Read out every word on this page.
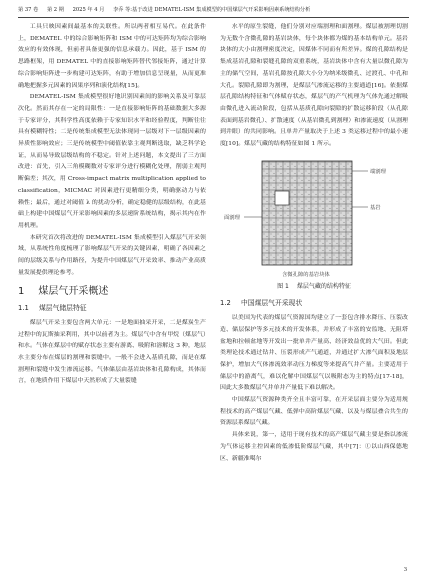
第 37 卷 第 2 期 2025 年 4 月 李乔 等:基于改进 DEMATEL-ISM 集成模型的中国煤层气开采影响因素系统结构分析

工具只映因素间最基本的关联性。所以两者相互易代。在此条件上，DEMATEL 中的综合影响矩阵和 ISM 中的可达矩阵均为综合影响效应的有效体现，但前者具备更强的信息承载力。因此，基于 ISM 的思路框架，用 DEMATEL 中的直接影响矩阵替代邻接矩阵，通过计算综合影响矩阵进一步构建可达矩阵，有助于增加信息呈现量，从而更准确地把握多元因素的因果序列和演化结构[15]。

DEMATEL-ISM 集成模型很好地识别因素间的影响关系及可靠层次化。然而其存在一定的局限性：一是直接影响矩阵的基础数据大多源于专家评分，其科学性高度依赖于专家知识水平和经验程度，判断往往具有模糊特性；二是传统集成模型无法体现同一层级对下一层级因素的异质性影响效应；三是传统模型中阈值依靠主观判断选取，缺乏科学论证，从而易导致层级结构的不稳定。针对上述问题，本文提出了三方面改进：首先，引入三角模糊数对专家评分进行模糊化处理，削弱主观判断偏差；其次，用 Cross-impact matrix multiplication applied to classification，MICMAC 对因素进行更精细分类，明确驱动力与依赖性；最后，通过对阈值 λ 的扰动分析，确定稳健的层级结构，在此基础上构建中国煤层气开采影响因素的多层递阶系统结构，揭示其内在作用机理。

本研究首次将改进的 DEMATEL-ISM 集成模型引入煤层气开采领域，从系统性角度梳理了影响煤层气开采的关键因素，明确了各因素之间的层级关系与作用路径，为提升中国煤层气开采效率、推动产业高质量发展提供理论参考。

1 煤层气开采概述
1.1 煤层气储层特征

煤层气开采主要包含两大单元：一是地面抽采开采，二是煤炭生产过程中的瓦斯抽采利用，其中以前者为主。煤层气中含有甲烷（煤层气）和水。气体在煤层中的赋存状态主要有游离、吸附和溶解这 3 种，地层水主要分布在煤层的割理和裂缝中。一般不会进入基质孔隙，而是在煤割理和裂缝中发生渗流运移。气体储层由基岩块体和孔隙构成，其体而言，在地质作用下煤层中天然形成了大量裂缝

水平的原生裂缝，他们分别对应端割理和面割理。煤层被割理切割为无数个含微孔隙的基岩块体，每个块体都为煤的基本结构单元。基岩块体的大小由割理密度决定，因煤体不同而有所差异。煤的孔隙结构是集成基岩孔隙和裂缝孔隙的双重系统，基岩块体中含有大量以微孔隙为主的储气空间，基岩孔隙按孔隙大小分为纳米级微孔、过渡孔、中孔和大孔。裂隙孔隙即为割理，是煤层气渗流运移的主要通道[16]。依据煤层孔隙结构特征和气体赋存状态，煤层气的产气机理为气体先通过解吸由微孔进入流动阶段，包括从基质孔隙向裂隙的扩散运移阶段（从孔隙表面到基岩微孔）、扩散速度（从基岩微孔到割理）和渗流速度（从割理到井眼）的共同影响。且单井产量取决于上述 3 类运移过程中的最小速度[10]。煤层气藏的结构特征如图 1 所示。

端割理
基岩
面割理
含微孔隙的基岩块体
图 1 煤层气藏的结构特征
1.2 中国煤层气开采现状

以美国为代表的煤层气资源国均建立了一套包含排水降压、压裂改造、储层保护等多元技术的开发体系，并形成了丰富的安监地、无阻塔盆地和拉顿盆地等开发出一批单井产量高、经济效益优的大气田。但此类理论技术通过钻井、压裂形成产气通道，并通过扩大渗气面积及地层保护，增加大气体渗流效率动压力梯度等来提高气井产量。主要适用于储层中的游离气，难以化解中国煤层气以吸附态为主的特点[17-18]，因此大多数煤层气井单井产量低下难以解决。

中国煤层气资源种类齐全且丰富可靠，在开采层面主要分为适用规程技术的高产煤层气藏、低弹中高阶煤层气藏、以及与煤层叠合共生的资源层系煤层气藏。

具体来说，第一，适用于现有技术的高产煤层气藏主要是指以渗流为气体运移主控因素的低渗低阶煤层气藏，其中[7]：①以山西保德地区、新疆准噶尔

3
